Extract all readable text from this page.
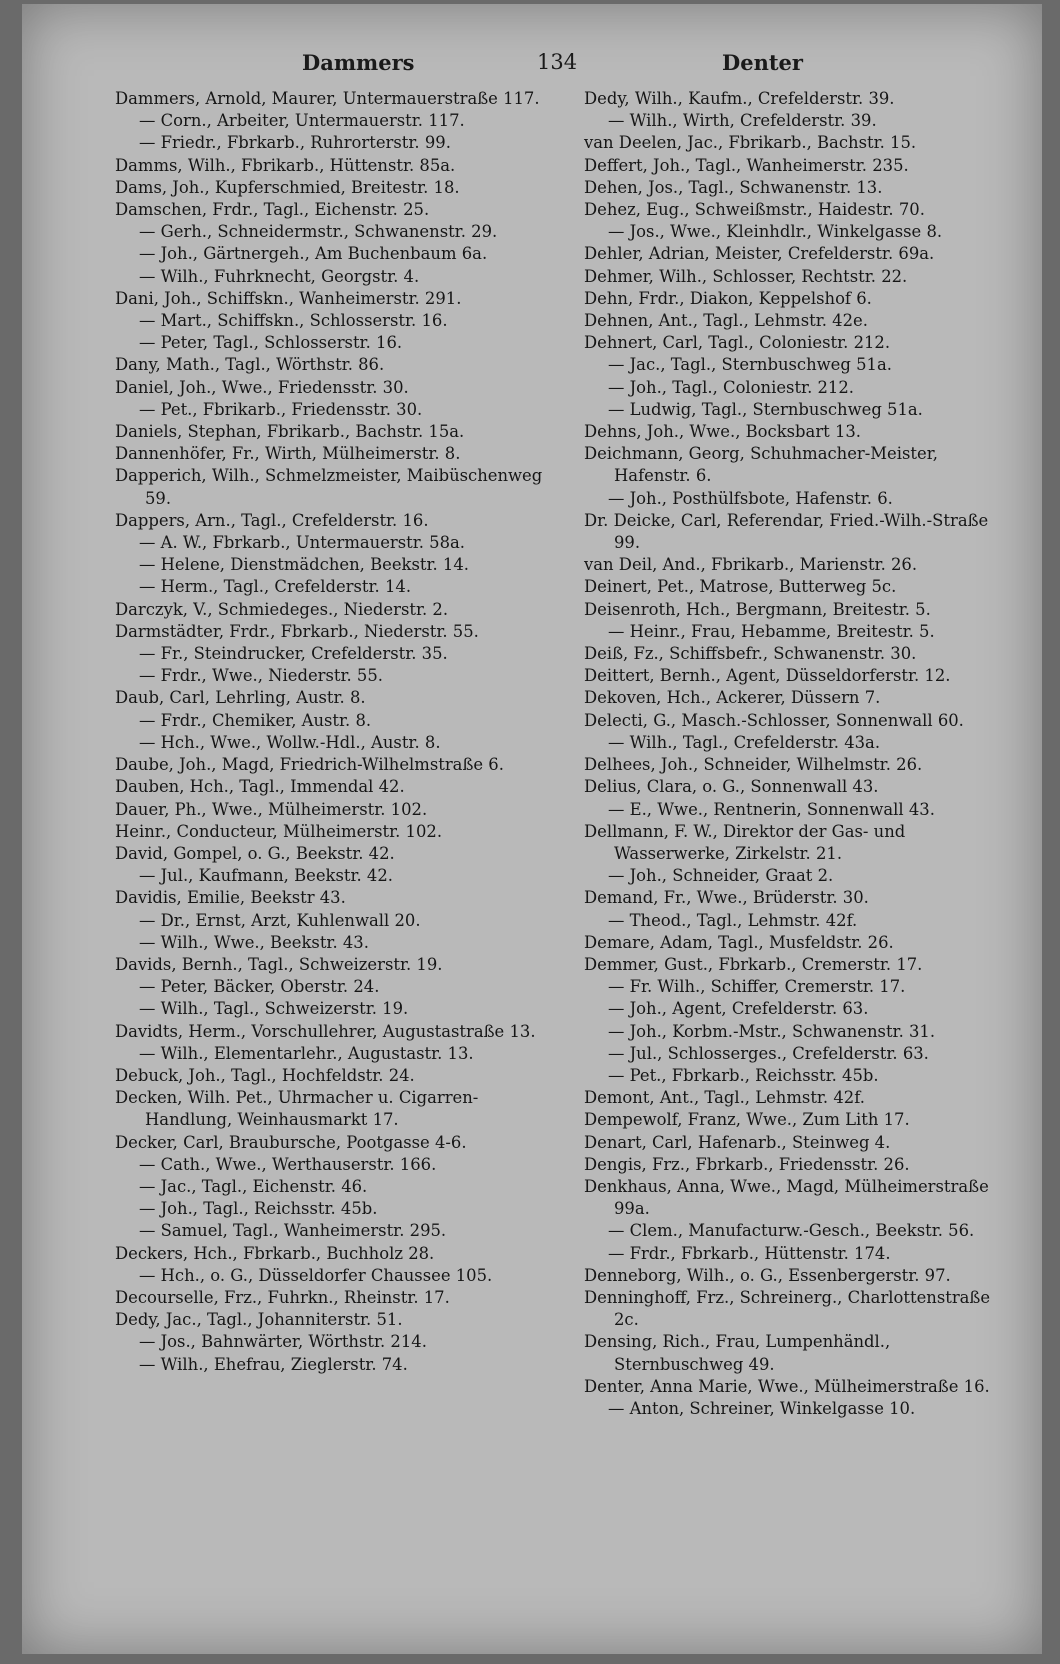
Dammers	134	Denter

Dammers, Arnold, Maurer, Untermauerstraße 117.

— Corn., Arbeiter, Untermauerstr. 117.

— Friedr., Fbrkarb., Ruhrorterstr. 99.

Damms, Wilh., Fbrikarb., Hüttenstr. 85a.

Dams, Joh., Kupferschmied, Breitestr. 18.

Damschen, Frdr., Tagl., Eichenstr. 25.

— Gerh., Schneidermstr., Schwanenstr. 29.

— Joh., Gärtnergeh., Am Buchenbaum 6a.

— Wilh., Fuhrknecht, Georgstr. 4.

Dani, Joh., Schiffskn., Wanheimerstr. 291.

— Mart., Schiffskn., Schlosserstr. 16.

— Peter, Tagl., Schlosserstr. 16.

Dany, Math., Tagl., Wörthstr. 86.

Daniel, Joh., Wwe., Friedensstr. 30.

— Pet., Fbrikarb., Friedensstr. 30.

Daniels, Stephan, Fbrikarb., Bachstr. 15a.

Dannenhöfer, Fr., Wirth, Mülheimerstr. 8.

Dapperich, Wilh., Schmelzmeister, Maibüschenweg 59.

Dappers, Arn., Tagl., Crefelderstr. 16.

— A. W., Fbrkarb., Untermauerstr. 58a.

— Helene, Dienstmädchen, Beekstr. 14.

— Herm., Tagl., Crefelderstr. 14.

Darczyk, V., Schmiedeges., Niederstr. 2.

Darmstädter, Frdr., Fbrkarb., Niederstr. 55.

— Fr., Steindrucker, Crefelderstr. 35.

— Frdr., Wwe., Niederstr. 55.

Daub, Carl, Lehrling, Austr. 8.

— Frdr., Chemiker, Austr. 8.

— Hch., Wwe., Wollw.-Hdl., Austr. 8.

Daube, Joh., Magd, Friedrich-Wilhelmstraße 6.

Dauben, Hch., Tagl., Immendal 42.

Dauer, Ph., Wwe., Mülheimerstr. 102.

Heinr., Conducteur, Mülheimerstr. 102.

David, Gompel, o. G., Beekstr. 42.

— Jul., Kaufmann, Beekstr. 42.

Davidis, Emilie, Beekstr 43.

— Dr., Ernst, Arzt, Kuhlenwall 20.

— Wilh., Wwe., Beekstr. 43.

Davids, Bernh., Tagl., Schweizerstr. 19.

— Peter, Bäcker, Oberstr. 24.

— Wilh., Tagl., Schweizerstr. 19.

Davidts, Herm., Vorschullehrer, Augustastraße 13.

— Wilh., Elementarlehr., Augustastr. 13.

Debuck, Joh., Tagl., Hochfeldstr. 24.

Decken, Wilh. Pet., Uhrmacher u. Cigarren-Handlung, Weinhausmarkt 17.

Decker, Carl, Braubursche, Pootgasse 4-6.

— Cath., Wwe., Werthauserstr. 166.

— Jac., Tagl., Eichenstr. 46.

— Joh., Tagl., Reichsstr. 45b.

— Samuel, Tagl., Wanheimerstr. 295.

Deckers, Hch., Fbrkarb., Buchholz 28.

— Hch., o. G., Düsseldorfer Chaussee 105.

Decourselle, Frz., Fuhrkn., Rheinstr. 17.

Dedy, Jac., Tagl., Johanniterstr. 51.

— Jos., Bahnwärter, Wörthstr. 214.

— Wilh., Ehefrau, Zieglerstr. 74.

Dedy, Wilh., Kaufm., Crefelderstr. 39.

— Wilh., Wirth, Crefelderstr. 39.

van Deelen, Jac., Fbrikarb., Bachstr. 15.

Deffert, Joh., Tagl., Wanheimerstr. 235.

Dehen, Jos., Tagl., Schwanenstr. 13.

Dehez, Eug., Schweißmstr., Haidestr. 70.

— Jos., Wwe., Kleinhdlr., Winkelgasse 8.

Dehler, Adrian, Meister, Crefelderstr. 69a.

Dehmer, Wilh., Schlosser, Rechtstr. 22.

Dehn, Frdr., Diakon, Keppelshof 6.

Dehnen, Ant., Tagl., Lehmstr. 42e.

Dehnert, Carl, Tagl., Coloniestr. 212.

— Jac., Tagl., Sternbuschweg 51a.

— Joh., Tagl., Coloniestr. 212.

— Ludwig, Tagl., Sternbuschweg 51a.

Dehns, Joh., Wwe., Bocksbart 13.

Deichmann, Georg, Schuhmacher-Meister, Hafenstr. 6.

— Joh., Posthülfsbote, Hafenstr. 6.

Dr. Deicke, Carl, Referendar, Fried.-Wilh.-Straße 99.

van Deil, And., Fbrikarb., Marienstr. 26.

Deinert, Pet., Matrose, Butterweg 5c.

Deisenroth, Hch., Bergmann, Breitestr. 5.

— Heinr., Frau, Hebamme, Breitestr. 5.

Deiß, Fz., Schiffsbefr., Schwanenstr. 30.

Deittert, Bernh., Agent, Düsseldorferstr. 12.

Dekoven, Hch., Ackerer, Düssern 7.

Delecti, G., Masch.-Schlosser, Sonnenwall 60.

— Wilh., Tagl., Crefelderstr. 43a.

Delhees, Joh., Schneider, Wilhelmstr. 26.

Delius, Clara, o. G., Sonnenwall 43.

— E., Wwe., Rentnerin, Sonnenwall 43.

Dellmann, F. W., Direktor der Gas- und Wasserwerke, Zirkelstr. 21.

— Joh., Schneider, Graat 2.

Demand, Fr., Wwe., Brüderstr. 30.

— Theod., Tagl., Lehmstr. 42f.

Demare, Adam, Tagl., Musfeldstr. 26.

Demmer, Gust., Fbrkarb., Cremerstr. 17.

— Fr. Wilh., Schiffer, Cremerstr. 17.

— Joh., Agent, Crefelderstr. 63.

— Joh., Korbm.-Mstr., Schwanenstr. 31.

— Jul., Schlosserges., Crefelderstr. 63.

— Pet., Fbrkarb., Reichsstr. 45b.

Demont, Ant., Tagl., Lehmstr. 42f.

Dempewolf, Franz, Wwe., Zum Lith 17.

Denart, Carl, Hafenarb., Steinweg 4.

Dengis, Frz., Fbrkarb., Friedensstr. 26.

Denkhaus, Anna, Wwe., Magd, Mülheimerstraße 99a.

— Clem., Manufacturw.-Gesch., Beekstr. 56.

— Frdr., Fbrkarb., Hüttenstr. 174.

Denneborg, Wilh., o. G., Essenbergerstr. 97.

Denninghoff, Frz., Schreinerg., Charlottenstraße 2c.

Densing, Rich., Frau, Lumpenhändl., Sternbuschweg 49.

Denter, Anna Marie, Wwe., Mülheimerstraße 16.

— Anton, Schreiner, Winkelgasse 10.
